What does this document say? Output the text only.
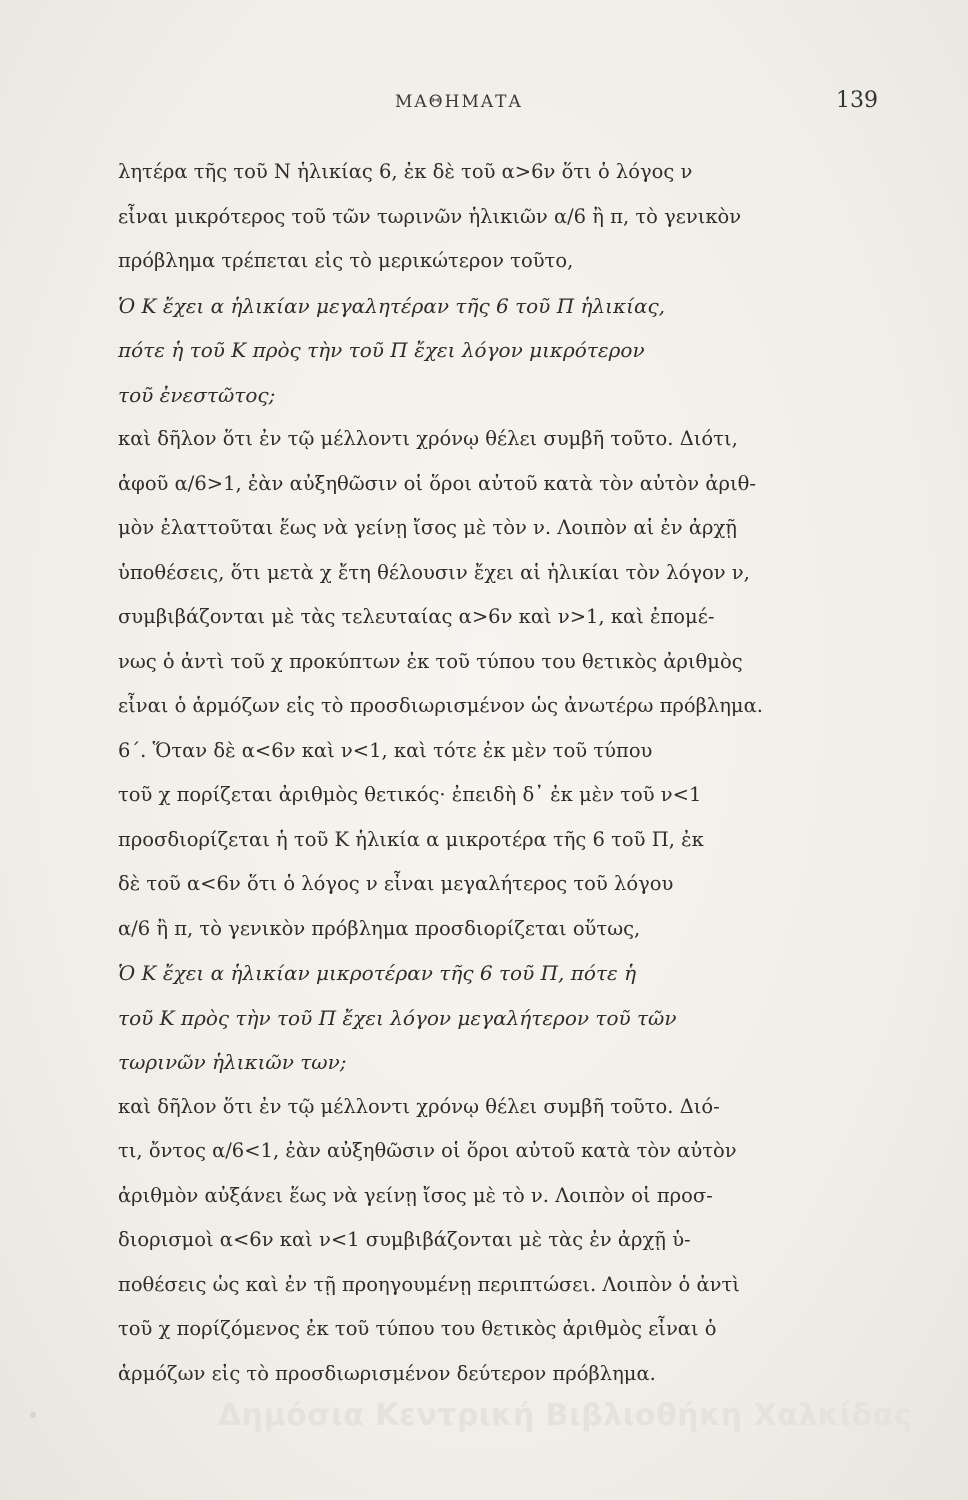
ΜΑΘΗΜΑΤΑ	139
λητέρα τῆς τοῦ Ν ἡλικίας 6, ἐκ δὲ τοῦ α>6ν ὅτι ὁ λόγος ν
εἶναι μικρότερος τοῦ τῶν τωρινῶν ἡλικιῶν α/6 ἢ π, τὸ γενικὸν
πρόβλημα τρέπεται εἰς τὸ μερικώτερον τοῦτο,
Ὁ Κ ἔχει α ἡλικίαν μεγαλητέραν τῆς 6 τοῦ Π ἡλικίας,
πότε ἡ τοῦ Κ πρὸς τὴν τοῦ Π ἔχει λόγον μικρότερον
τοῦ ἐνεστῶτος;
καὶ δῆλον ὅτι ἐν τῷ μέλλοντι χρόνῳ θέλει συμβῆ τοῦτο. Διότι,
ἀφοῦ α/6>1, ἐὰν αὐξηθῶσιν οἱ ὅροι αὐτοῦ κατὰ τὸν αὐτὸν ἀριθ-
μὸν ἐλαττοῦται ἕως νὰ γείνῃ ἴσος μὲ τὸν ν. Λοιπὸν αἱ ἐν ἀρχῇ
ὑποθέσεις, ὅτι μετὰ χ ἔτη θέλουσιν ἔχει αἱ ἡλικίαι τὸν λόγον ν,
συμβιβάζονται μὲ τὰς τελευταίας α>6ν καὶ ν>1, καὶ ἐπομέ-
νως ὁ ἀντὶ τοῦ χ προκύπτων ἐκ τοῦ τύπου του θετικὸς ἀριθμὸς
εἶναι ὁ ἁρμόζων εἰς τὸ προσδιωρισμένον ὡς ἀνωτέρω πρόβλημα.
6΄. Ὅταν δὲ α<6ν καὶ ν<1, καὶ τότε ἐκ μὲν τοῦ τύπου
τοῦ χ πορίζεται ἀριθμὸς θετικός· ἐπειδὴ δ᾽ ἐκ μὲν τοῦ ν<1
προσδιορίζεται ἡ τοῦ Κ ἡλικία α μικροτέρα τῆς 6 τοῦ Π, ἐκ
δὲ τοῦ α<6ν ὅτι ὁ λόγος ν εἶναι μεγαλήτερος τοῦ λόγου
α/6 ἢ π, τὸ γενικὸν πρόβλημα προσδιορίζεται οὕτως,
Ὁ Κ ἔχει α ἡλικίαν μικροτέραν τῆς 6 τοῦ Π, πότε ἡ
τοῦ Κ πρὸς τὴν τοῦ Π ἔχει λόγον μεγαλήτερον τοῦ τῶν
τωρινῶν ἡλικιῶν των;
καὶ δῆλον ὅτι ἐν τῷ μέλλοντι χρόνῳ θέλει συμβῆ τοῦτο. Διό-
τι, ὄντος α/6<1, ἐὰν αὐξηθῶσιν οἱ ὅροι αὐτοῦ κατὰ τὸν αὐτὸν
ἀριθμὸν αὐξάνει ἕως νὰ γείνῃ ἴσος μὲ τὸ ν. Λοιπὸν οἱ προσ-
διορισμοὶ α<6ν καὶ ν<1 συμβιβάζονται μὲ τὰς ἐν ἀρχῇ ὑ-
ποθέσεις ὡς καὶ ἐν τῇ προηγουμένῃ περιπτώσει. Λοιπὸν ὁ ἀντὶ
τοῦ χ πορίζόμενος ἐκ τοῦ τύπου του θετικὸς ἀριθμὸς εἶναι ὁ
ἁρμόζων εἰς τὸ προσδιωρισμένον δεύτερον πρόβλημα.
Δημόσια Κεντρική Βιβλιοθήκη Χαλκίδας
